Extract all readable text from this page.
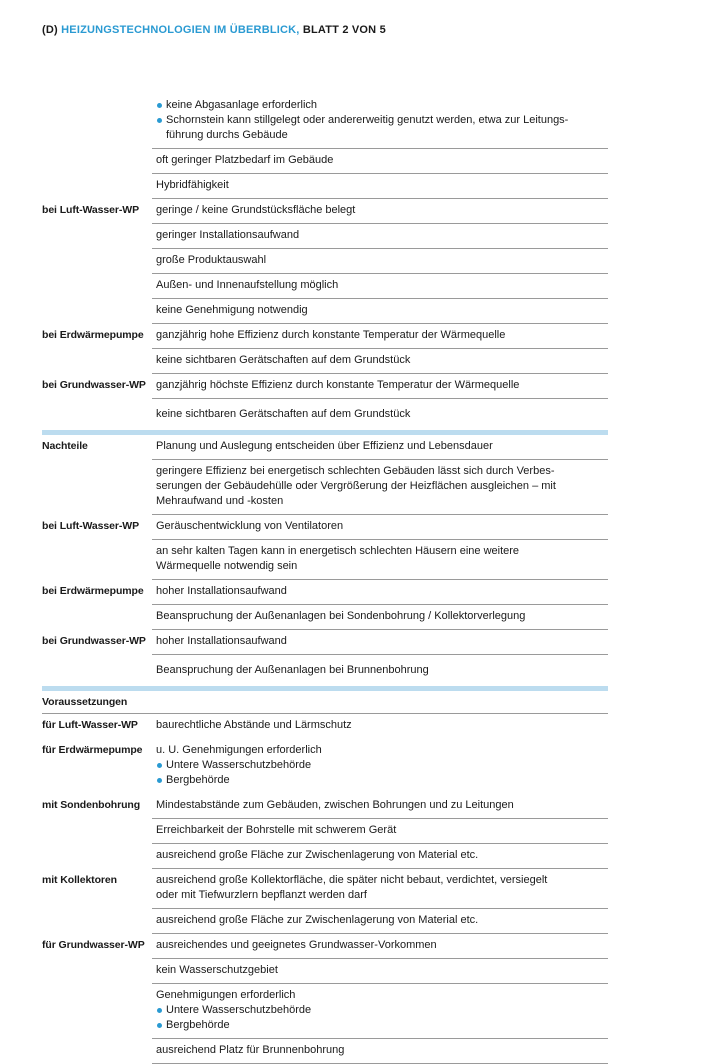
(D) HEIZUNGSTECHNOLOGIEN IM ÜBERBLICK, BLATT 2 VON 5
keine Abgasanlage erforderlich
Schornstein kann stillgelegt oder andererweitig genutzt werden, etwa zur Leitungs-
führung durchs Gebäude
oft geringer Platzbedarf im Gebäude
Hybridfähigkeit
bei Luft-Wasser-WP	geringe / keine Grundstücksfläche belegt
geringer Installationsaufwand
große Produktauswahl
Außen- und Innenaufstellung möglich
keine Genehmigung notwendig
bei Erdwärmepumpe	ganzjährig hohe Effizienz durch konstante Temperatur der Wärmequelle
keine sichtbaren Gerätschaften auf dem Grundstück
bei Grundwasser-WP ganzjährig höchste Effizienz durch konstante Temperatur der Wärmequelle
keine sichtbaren Gerätschaften auf dem Grundstück
Nachteile	Planung und Auslegung entscheiden über Effizienz und Lebensdauer
geringere Effizienz bei energetisch schlechten Gebäuden lässt sich durch Verbes-
serungen der Gebäudehülle oder Vergrößerung der Heizflächen ausgleichen – mit
Mehraufwand und -kosten
bei Luft-Wasser-WP	Geräuschentwicklung von Ventilatoren
an sehr kalten Tagen kann in energetisch schlechten Häusern eine weitere
Wärmequelle notwendig sein
bei Erdwärmepumpe	hoher Installationsaufwand
Beanspruchung der Außenanlagen bei Sondenbohrung / Kollektorverlegung
bei Grundwasser-WP hoher Installationsaufwand
Beanspruchung der Außenanlagen bei Brunnenbohrung
Voraussetzungen
für Luft-Wasser-WP	baurechtliche Abstände und Lärmschutz
für Erdwärmepumpe	u. U. Genehmigungen erforderlich
Untere Wasserschutzbehörde
Bergbehörde
mit Sondenbohrung	Mindestabstände zum Gebäuden, zwischen Bohrungen und zu Leitungen
Erreichbarkeit der Bohrstelle mit schwerem Gerät
ausreichend große Fläche zur Zwischenlagerung von Material etc.
mit Kollektoren	ausreichend große Kollektorfläche, die später nicht bebaut, verdichtet, versiegelt
oder mit Tiefwurzlern bepflanzt werden darf
ausreichend große Fläche zur Zwischenlagerung von Material etc.
für Grundwasser-WP	ausreichendes und geeignetes Grundwasser-Vorkommen
kein Wasserschutzgebiet
Genehmigungen erforderlich
Untere Wasserschutzbehörde
Bergbehörde
ausreichend Platz für Brunnenbohrung
